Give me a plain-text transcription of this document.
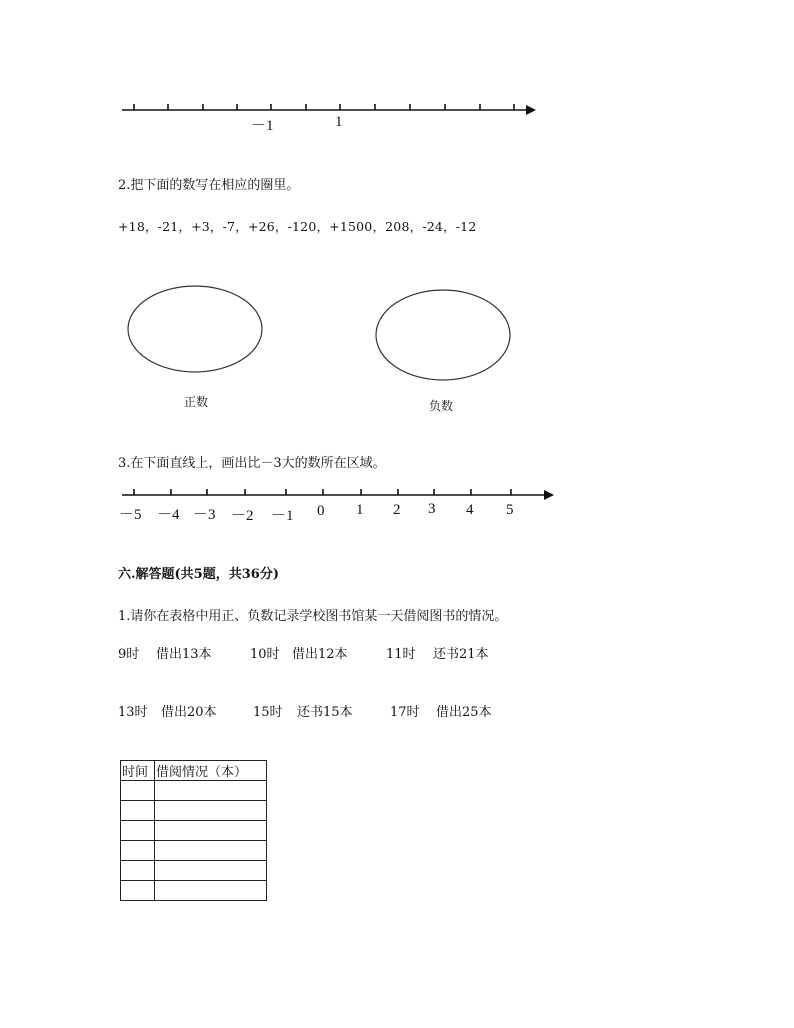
－1	1
2.把下面的数写在相应的圈里。
+18，-21，+3，-7，+26，-120，+1500，208，-24，-12
正数	负数
3.在下面直线上，画出比－3大的数所在区域。
－5 －4 －3 －2 －1 0 1 2 3 4 5
六.解答题(共5题，共36分)
1.请你在表格中用正、负数记录学校图书馆某一天借阅图书的情况。
9时 借出13本	10时 借出12本	11时 还书21本
13时 借出20本	15时 还书15本	17时 借出25本
时间	借阅情况（本）
